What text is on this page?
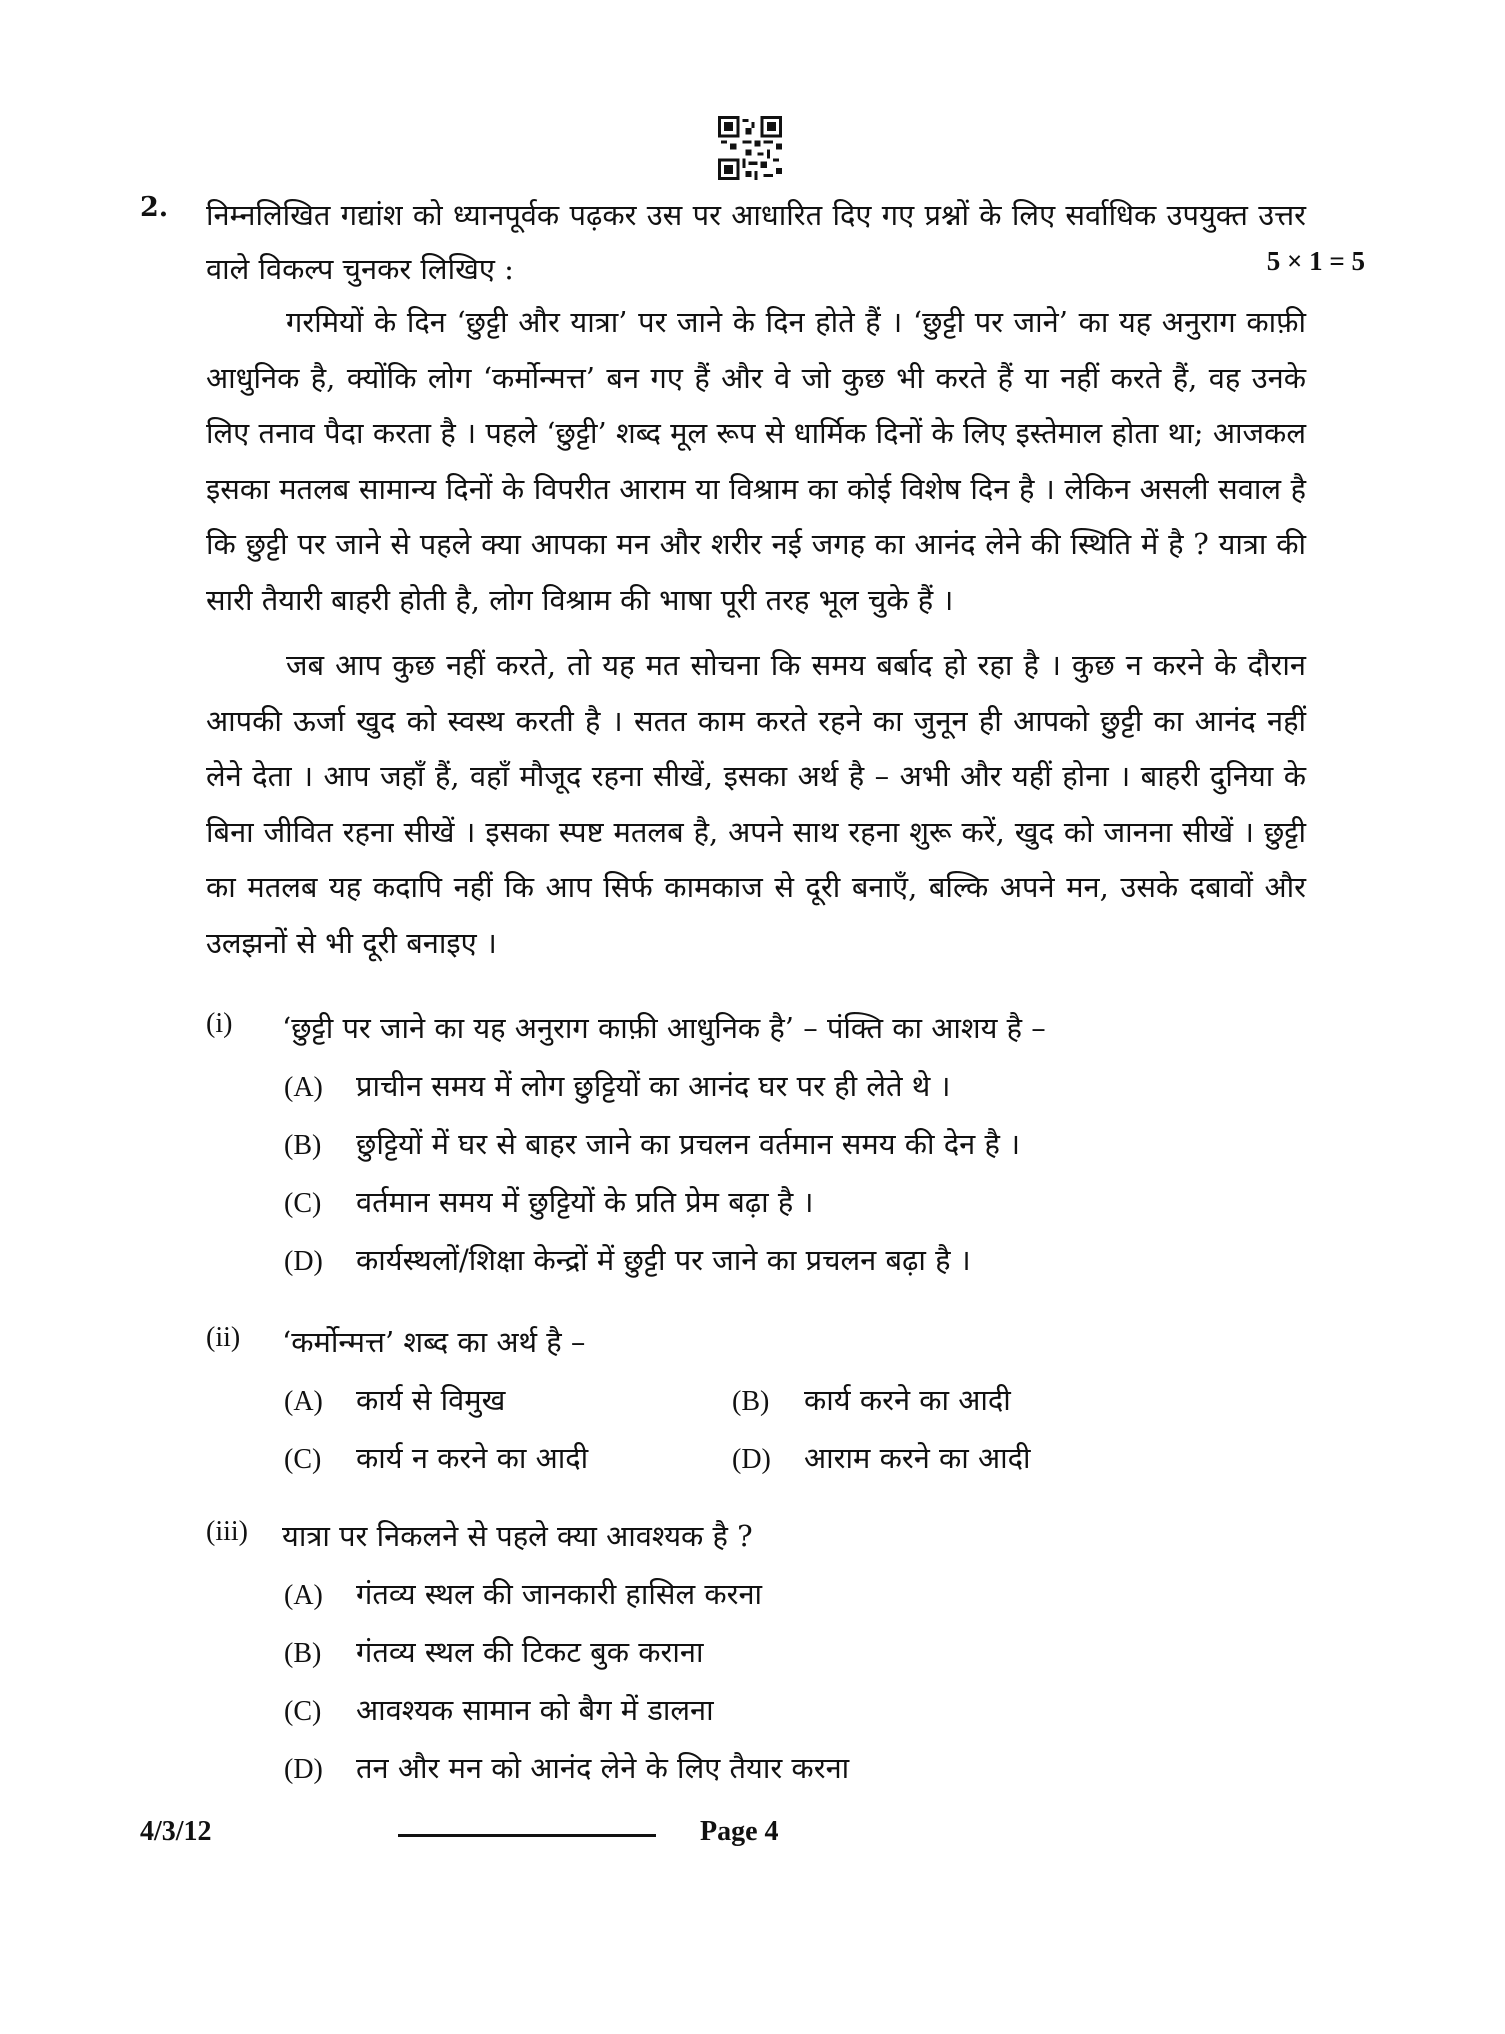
2. निम्नलिखित गद्यांश को ध्यानपूर्वक पढ़कर उस पर आधारित दिए गए प्रश्नों के लिए सर्वाधिक उपयुक्त उत्तर वाले विकल्प चुनकर लिखिए :	5 × 1 = 5

गरमियों के दिन ‘छुट्टी और यात्रा’ पर जाने के दिन होते हैं । ‘छुट्टी पर जाने’ का यह अनुराग काफ़ी आधुनिक है, क्योंकि लोग ‘कर्मोन्मत्त’ बन गए हैं और वे जो कुछ भी करते हैं या नहीं करते हैं, वह उनके लिए तनाव पैदा करता है । पहले ‘छुट्टी’ शब्द मूल रूप से धार्मिक दिनों के लिए इस्तेमाल होता था; आजकल इसका मतलब सामान्य दिनों के विपरीत आराम या विश्राम का कोई विशेष दिन है । लेकिन असली सवाल है कि छुट्टी पर जाने से पहले क्या आपका मन और शरीर नई जगह का आनंद लेने की स्थिति में है ? यात्रा की सारी तैयारी बाहरी होती है, लोग विश्राम की भाषा पूरी तरह भूल चुके हैं ।

जब आप कुछ नहीं करते, तो यह मत सोचना कि समय बर्बाद हो रहा है । कुछ न करने के दौरान आपकी ऊर्जा खुद को स्वस्थ करती है । सतत काम करते रहने का जुनून ही आपको छुट्टी का आनंद नहीं लेने देता । आप जहाँ हैं, वहाँ मौजूद रहना सीखें, इसका अर्थ है – अभी और यहीं होना । बाहरी दुनिया के बिना जीवित रहना सीखें । इसका स्पष्ट मतलब है, अपने साथ रहना शुरू करें, खुद को जानना सीखें । छुट्टी का मतलब यह कदापि नहीं कि आप सिर्फ कामकाज से दूरी बनाएँ, बल्कि अपने मन, उसके दबावों और उलझनों से भी दूरी बनाइए ।

(i) ‘छुट्टी पर जाने का यह अनुराग काफ़ी आधुनिक है’ – पंक्ति का आशय है –
(A) प्राचीन समय में लोग छुट्टियों का आनंद घर पर ही लेते थे ।
(B) छुट्टियों में घर से बाहर जाने का प्रचलन वर्तमान समय की देन है ।
(C) वर्तमान समय में छुट्टियों के प्रति प्रेम बढ़ा है ।
(D) कार्यस्थलों/शिक्षा केन्द्रों में छुट्टी पर जाने का प्रचलन बढ़ा है ।
(ii) ‘कर्मोन्मत्त’ शब्द का अर्थ है –
(A) कार्य से विमुख	(B) कार्य करने का आदी
(C) कार्य न करने का आदी	(D) आराम करने का आदी
(iii) यात्रा पर निकलने से पहले क्या आवश्यक है ?
(A) गंतव्य स्थल की जानकारी हासिल करना
(B) गंतव्य स्थल की टिकट बुक कराना
(C) आवश्यक सामान को बैग में डालना
(D) तन और मन को आनंद लेने के लिए तैयार करना
4/3/12	Page 4
